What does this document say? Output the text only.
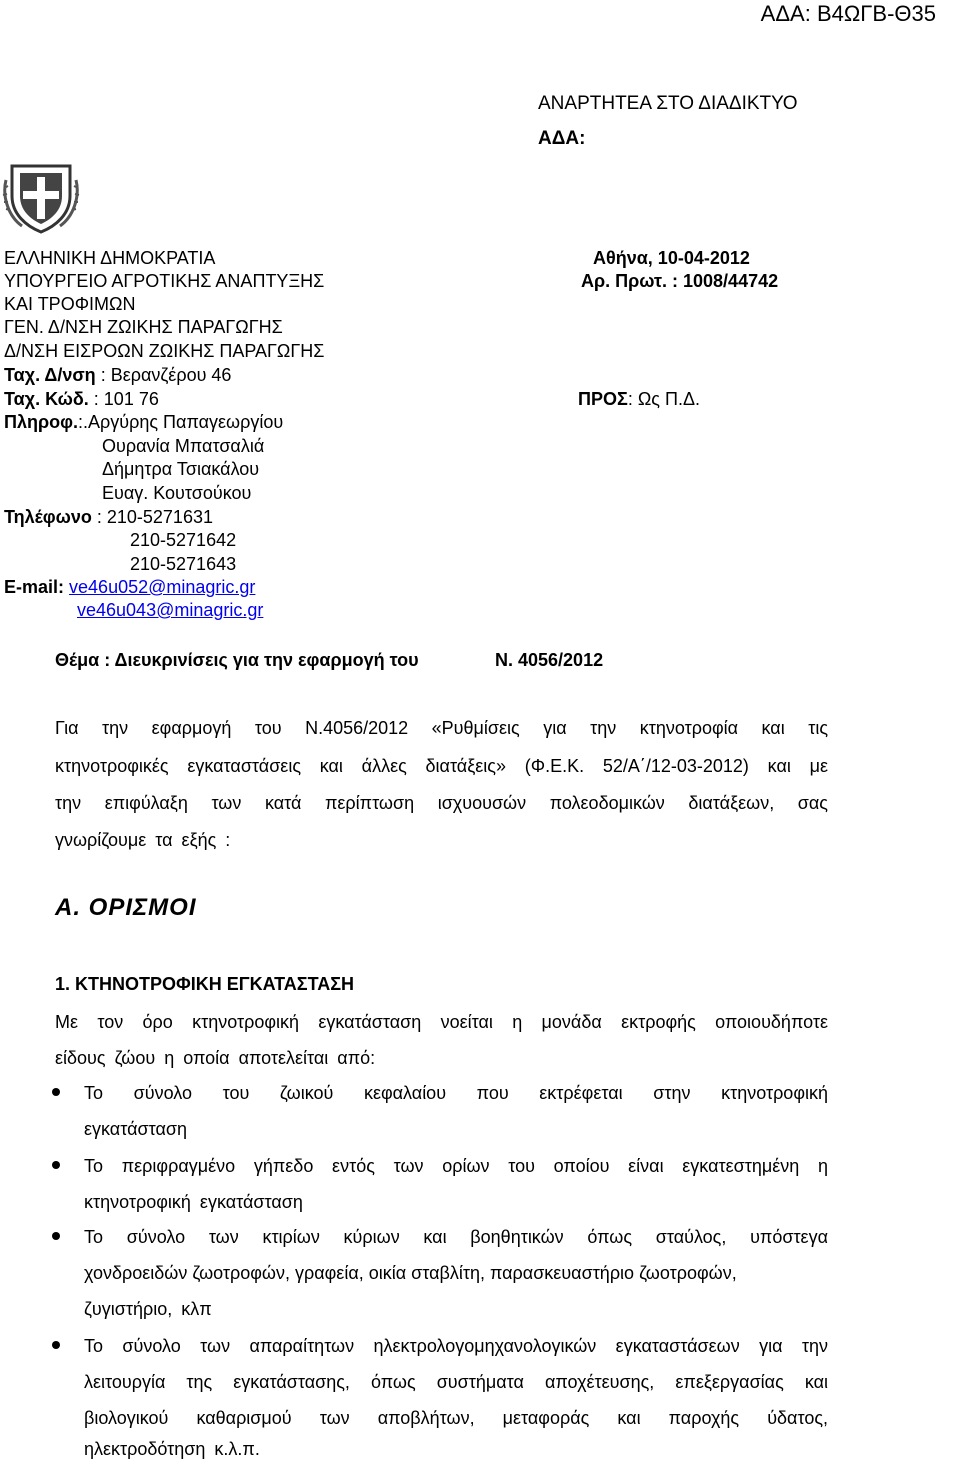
ΑΔΑ: Β4ΩΓΒ-Θ35
ΑΝΑΡΤΗΤΕΑ ΣΤΟ ΔΙΑΔΙΚΤΥΟ
ΑΔΑ:
ΕΛΛΗΝΙΚΗ ΔΗΜΟΚΡΑΤΙΑ
ΥΠΟΥΡΓΕΙΟ ΑΓΡΟΤΙΚΗΣ ΑΝΑΠΤΥΞΗΣ
ΚΑΙ ΤΡΟΦΙΜΩΝ
ΓΕΝ. Δ/ΝΣΗ ΖΩΙΚΗΣ ΠΑΡΑΓΩΓΗΣ
Δ/ΝΣΗ ΕΙΣΡΟΩΝ ΖΩΙΚΗΣ ΠΑΡΑΓΩΓΗΣ
Ταχ. Δ/νση : Βερανζέρου 46
Ταχ. Κώδ. : 101 76
Πληροφ.:.Αργύρης Παπαγεωργίου
Ουρανία Μπατσαλιά
Δήμητρα Τσιακάλου
Ευαγ. Κουτσούκου
Τηλέφωνο : 210-5271631
210-5271642
210-5271643
E-mail: ve46u052@minagric.gr
ve46u043@minagric.gr
Αθήνα, 10-04-2012
Αρ. Πρωτ. : 1008/44742
ΠΡΟΣ: Ως Π.Δ.
Θέμα : Διευκρινίσεις για την εφαρμογή του	Ν. 4056/2012
Για την εφαρμογή του Ν.4056/2012 «Ρυθμίσεις για την κτηνοτροφία και τις
κτηνοτροφικές εγκαταστάσεις και άλλες διατάξεις» (Φ.Ε.Κ. 52/Α΄/12-03-2012) και με
την επιφύλαξη των κατά περίπτωση ισχυουσών πολεοδομικών διατάξεων, σας
γνωρίζουμε τα εξής :
Α. ΟΡΙΣΜΟΙ
1. ΚΤΗΝΟΤΡΟΦΙΚΗ ΕΓΚΑΤΑΣΤΑΣΗ
Με τον όρο κτηνοτροφική εγκατάσταση νοείται η μονάδα εκτροφής οποιουδήποτε
είδους ζώου η οποία αποτελείται από:
Το σύνολο του ζωικού κεφαλαίου που εκτρέφεται στην κτηνοτροφική
εγκατάσταση
Το περιφραγμένο γήπεδο εντός των ορίων του οποίου είναι εγκατεστημένη η
κτηνοτροφική εγκατάσταση
Το σύνολο των κτιρίων κύριων και βοηθητικών όπως σταύλος, υπόστεγα
χονδροειδών ζωοτροφών, γραφεία, οικία σταβλίτη, παρασκευαστήριο ζωοτροφών,
ζυγιστήριο, κλπ
Το σύνολο των απαραίτητων ηλεκτρολογομηχανολογικών εγκαταστάσεων για την
λειτουργία της εγκατάστασης, όπως συστήματα αποχέτευσης, επεξεργασίας και
βιολογικού καθαρισμού των αποβλήτων, μεταφοράς και παροχής ύδατος,
ηλεκτροδότηση κ.λ.π.
